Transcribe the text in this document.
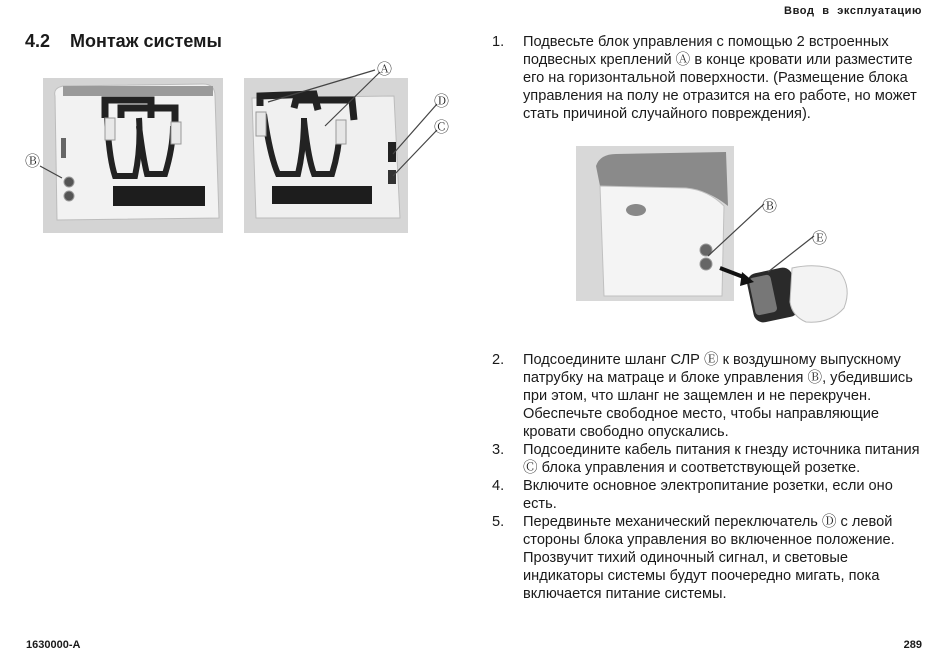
Ввод в эксплуатацию
4.2 Монтаж системы
Ⓐ
Ⓓ
Ⓒ
Ⓑ
1.	Подвесьте блок управления с помощью 2 встроенных подвесных креплений Ⓐ в конце кровати или разместите его на горизонтальной поверхности. (Размещение блока управления на полу не отразится на его работе, но может стать причиной случайного повреждения).
Ⓑ
Ⓔ
2.	Подсоедините шланг СЛР Ⓔ к воздушному выпускному патрубку на матраце и блоке управления Ⓑ, убедившись при этом, что шланг не защемлен и не перекручен. Обеспечьте свободное место, чтобы направляющие кровати свободно опускались.
3.	Подсоедините кабель питания к гнезду источника питания Ⓒ блока управления и соответствующей розетке.
4.	Включите основное электропитание розетки, если оно есть.
5.	Передвиньте механический переключатель Ⓓ с левой стороны блока управления во включенное положение. Прозвучит тихий одиночный сигнал, и световые индикаторы системы будут поочередно мигать, пока включается питание системы.
1630000-A	289
